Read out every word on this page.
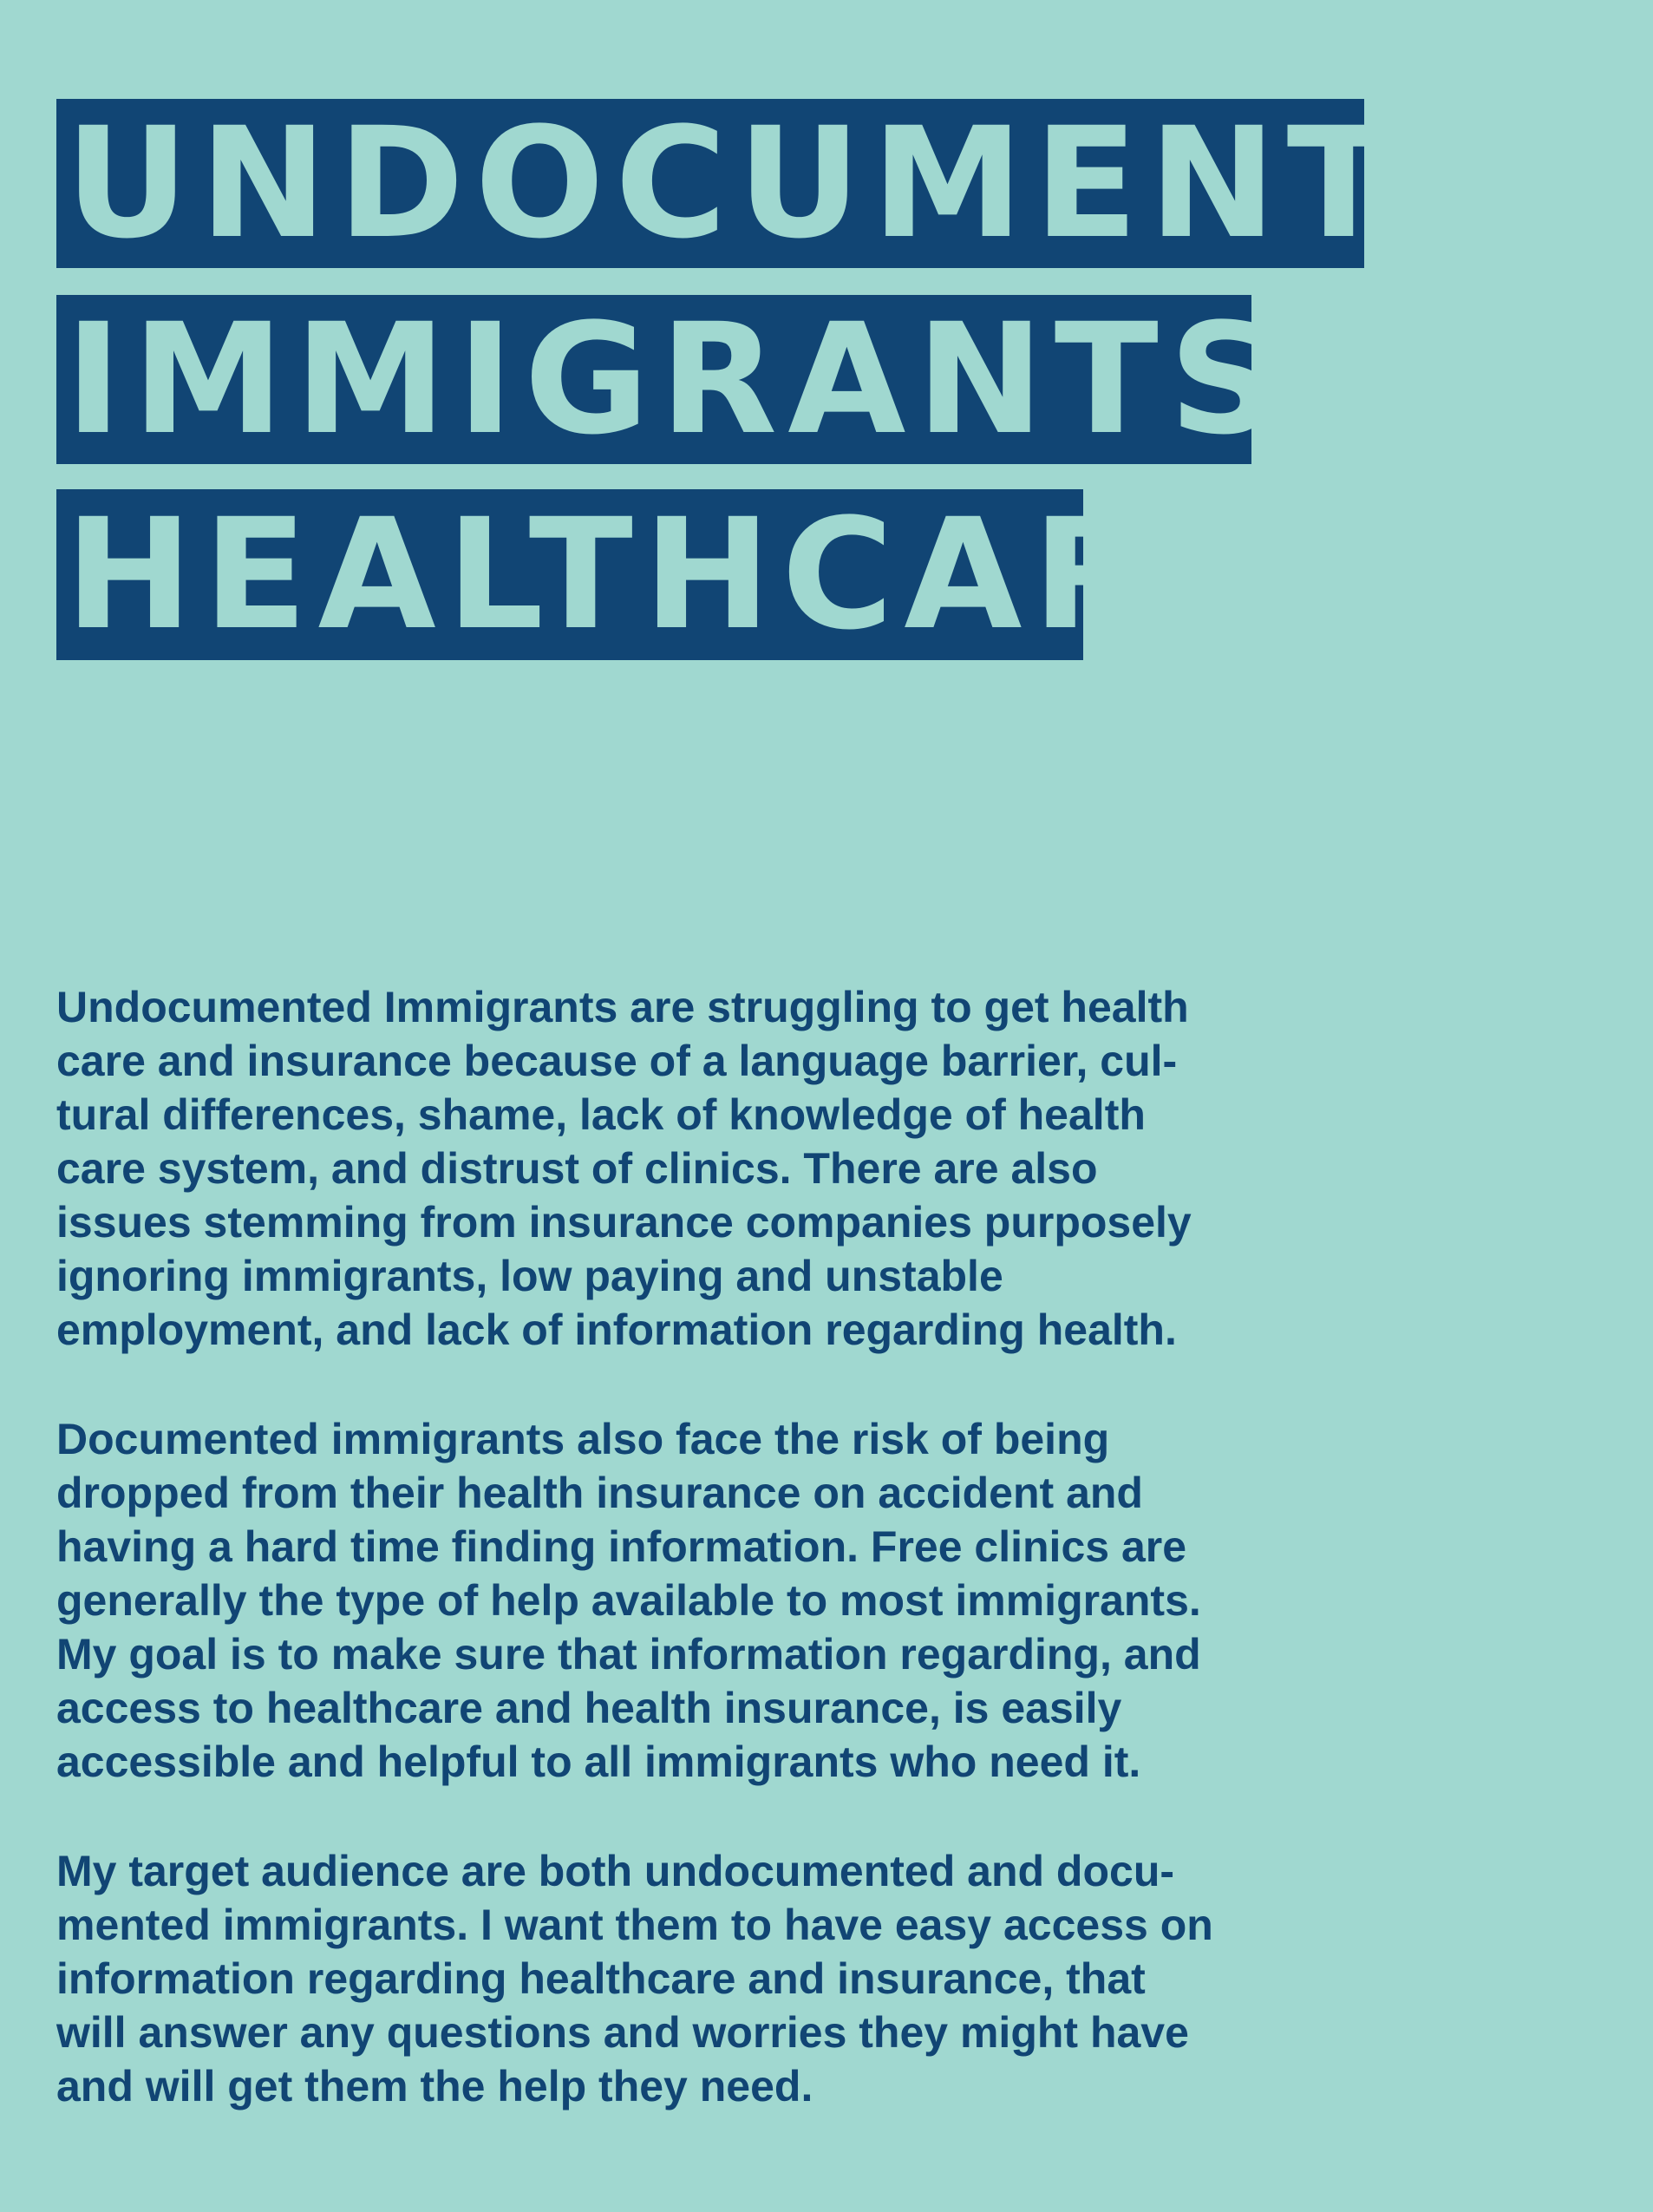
UNDOCUMENTED
IMMIGRANTS &
HEALTHCARE
Undocumented Immigrants are struggling to get health
care and insurance because of a language barrier, cul-
tural differences, shame, lack of knowledge of health
care system, and distrust of clinics. There are also
issues stemming from insurance companies purposely
ignoring immigrants, low paying and unstable
employment, and lack of information regarding health.
Documented immigrants also face the risk of being
dropped from their health insurance on accident and
having a hard time finding information. Free clinics are
generally the type of help available to most immigrants.
My goal is to make sure that information regarding, and
access to healthcare and health insurance, is easily
accessible and helpful to all immigrants who need it.
My target audience are both undocumented and docu-
mented immigrants. I want them to have easy access on
information regarding healthcare and insurance, that
will answer any questions and worries they might have
and will get them the help they need.
